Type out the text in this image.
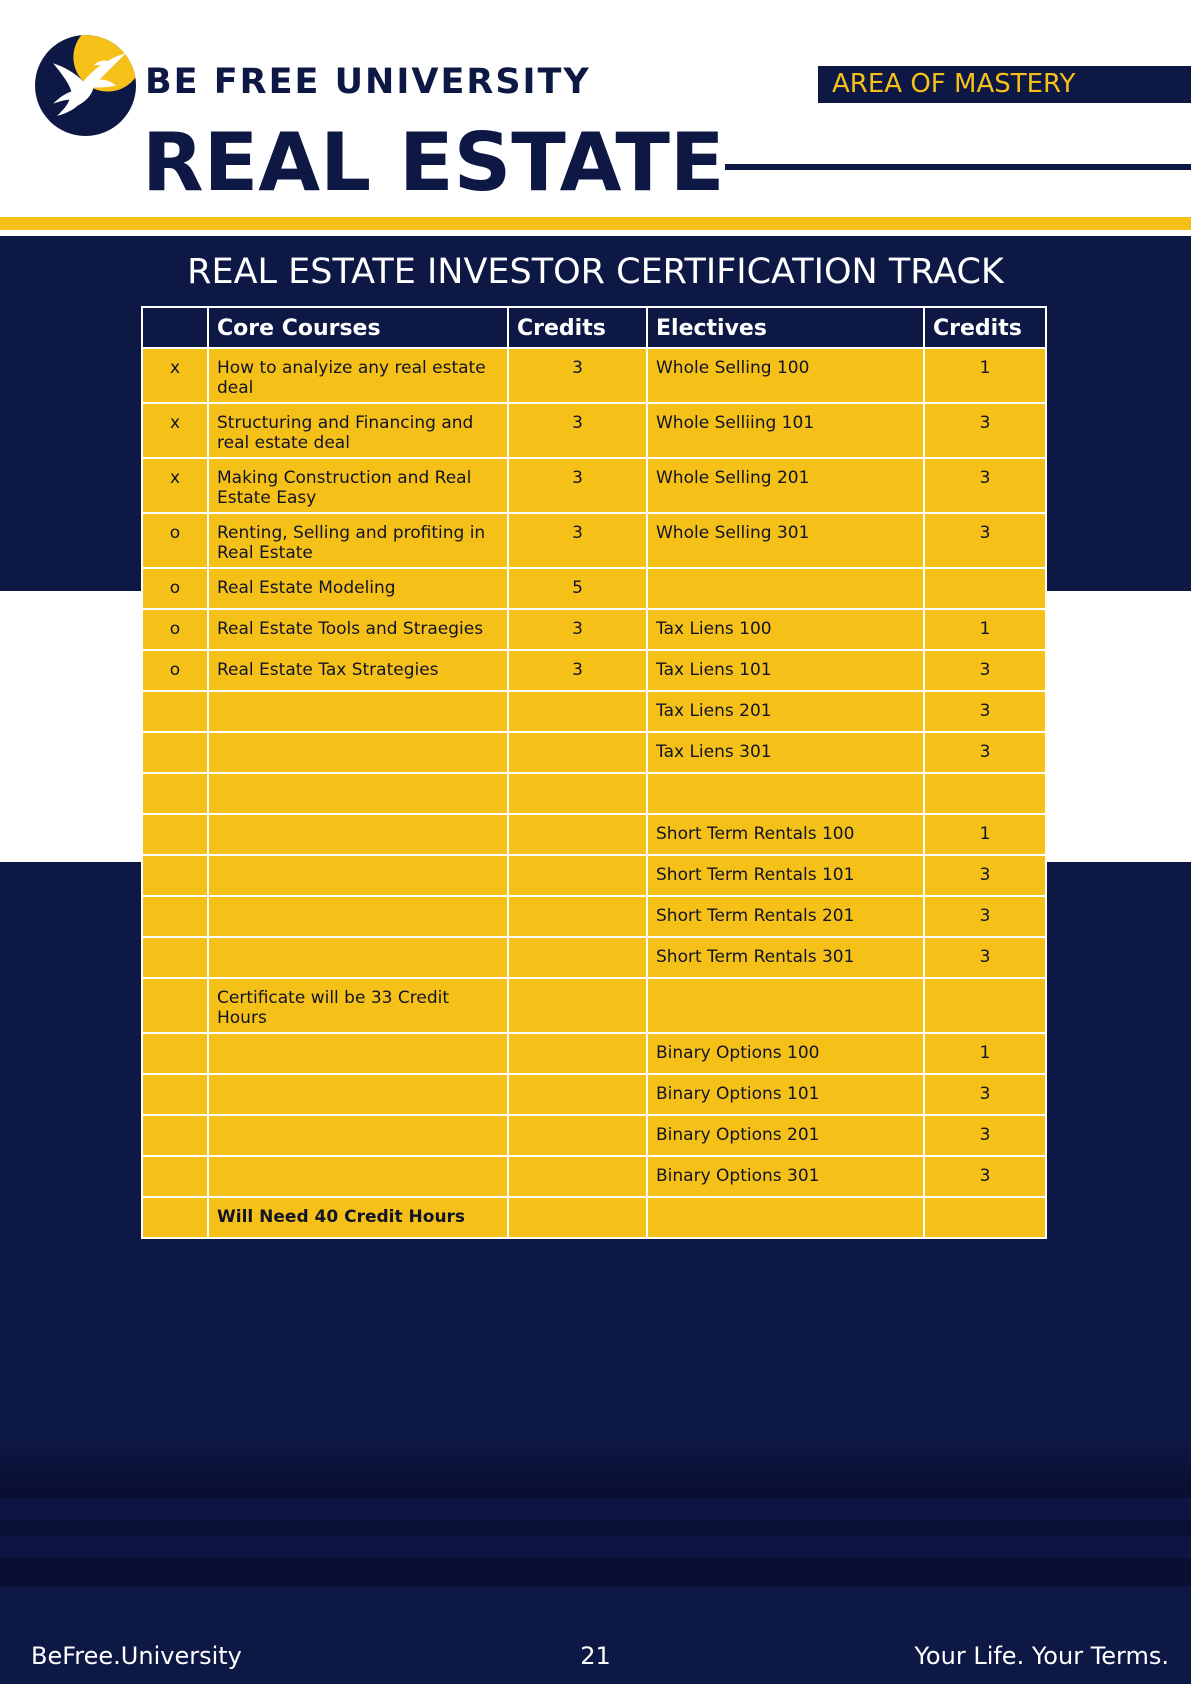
BE FREE UNIVERSITY	AREA OF MASTERY
REAL ESTATE
REAL ESTATE INVESTOR CERTIFICATION TRACK
	Core Courses	Credits	Electives	Credits
x	How to analyize any real estate deal	3	Whole Selling 100	1
x	Structuring and Financing and real estate deal	3	Whole Selliing 101	3
x	Making Construction and Real Estate Easy	3	Whole Selling 201	3
o	Renting, Selling and profiting in Real Estate	3	Whole Selling 301	3
o	Real Estate Modeling	5		
o	Real Estate Tools and Straegies	3	Tax Liens 100	1
o	Real Estate Tax Strategies	3	Tax Liens 101	3
			Tax Liens 201	3
			Tax Liens 301	3

			Short Term Rentals 100	1
			Short Term Rentals 101	3
			Short Term Rentals 201	3
			Short Term Rentals 301	3
	Certificate will be 33 Credit Hours			
			Binary Options 100	1
			Binary Options 101	3
			Binary Options 201	3
			Binary Options 301	3
	Will Need 40 Credit Hours			
BeFree.University	21	Your Life. Your Terms.
